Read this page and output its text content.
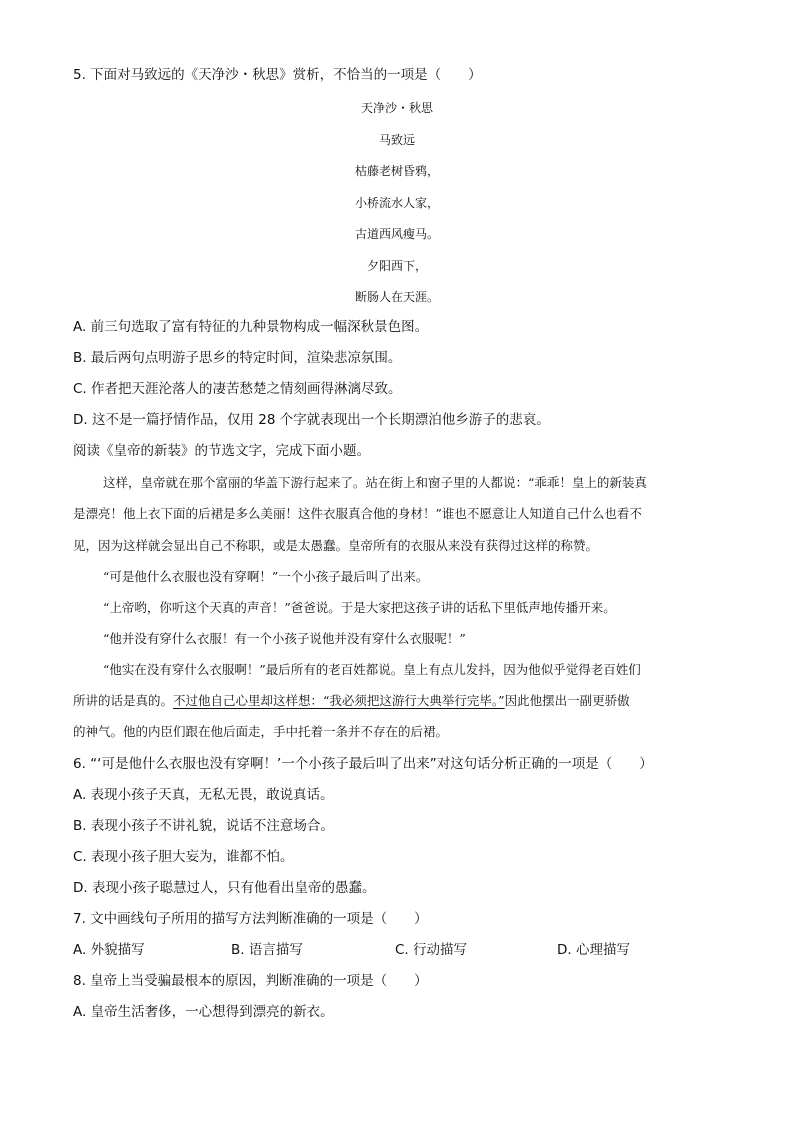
5. 下面对马致远的《天净沙・秋思》赏析，不恰当的一项是（　　）
天净沙・秋思
马致远
枯藤老树昏鸦，
小桥流水人家，
古道西风瘦马。
夕阳西下，
断肠人在天涯。
A. 前三句选取了富有特征的九种景物构成一幅深秋景色图。
B. 最后两句点明游子思乡的特定时间，渲染悲凉氛围。
C. 作者把天涯沦落人的凄苦愁楚之情刻画得淋漓尽致。
D. 这不是一篇抒情作品，仅用 28 个字就表现出一个长期漂泊他乡游子的悲哀。
阅读《皇帝的新装》的节选文字，完成下面小题。
这样，皇帝就在那个富丽的华盖下游行起来了。站在街上和窗子里的人都说：“乖乖！皇上的新装真
是漂亮！他上衣下面的后裙是多么美丽！这件衣服真合他的身材！”谁也不愿意让人知道自己什么也看不
见，因为这样就会显出自己不称职，或是太愚蠢。皇帝所有的衣服从来没有获得过这样的称赞。
“可是他什么衣服也没有穿啊！”一个小孩子最后叫了出来。
“上帝哟，你听这个天真的声音！”爸爸说。于是大家把这孩子讲的话私下里低声地传播开来。
“他并没有穿什么衣服！有一个小孩子说他并没有穿什么衣服呢！”
“他实在没有穿什么衣服啊！”最后所有的老百姓都说。皇上有点儿发抖，因为他似乎觉得老百姓们
所讲的话是真的。不过他自己心里却这样想：“我必须把这游行大典举行完毕。”因此他摆出一副更骄傲
的神气。他的内臣们跟在他后面走，手中托着一条并不存在的后裙。
6. “‘可是他什么衣服也没有穿啊！’一个小孩子最后叫了出来”对这句话分析正确的一项是（　　）
A. 表现小孩子天真，无私无畏，敢说真话。
B. 表现小孩子不讲礼貌，说话不注意场合。
C. 表现小孩子胆大妄为，谁都不怕。
D. 表现小孩子聪慧过人，只有他看出皇帝的愚蠢。
7. 文中画线句子所用的描写方法判断准确的一项是（　　）
A. 外貌描写	B. 语言描写	C. 行动描写	D. 心理描写
8. 皇帝上当受骗最根本的原因，判断准确的一项是（　　）
A. 皇帝生活奢侈，一心想得到漂亮的新衣。
